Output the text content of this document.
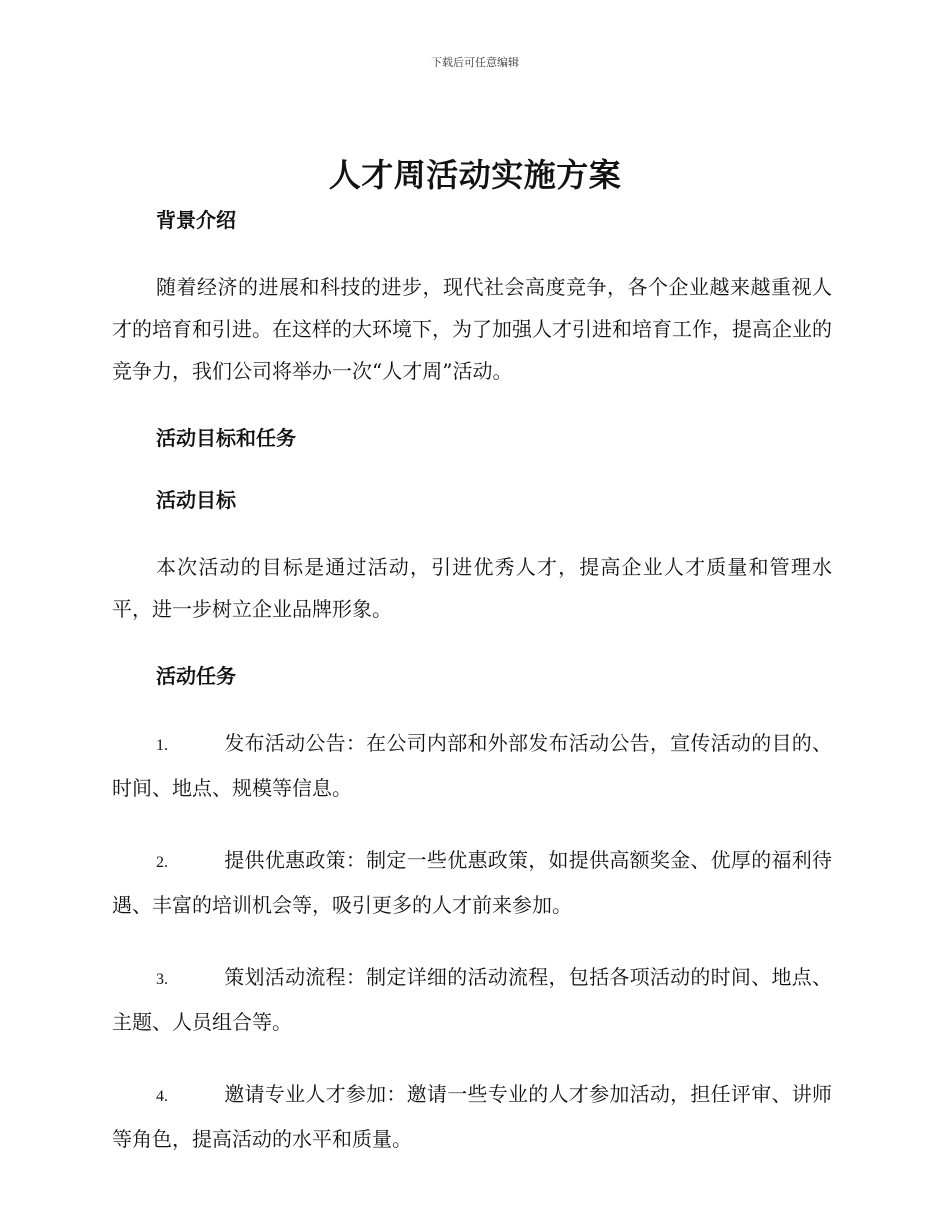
下载后可任意编辑
人才周活动实施方案
背景介绍

随着经济的进展和科技的进步，现代社会高度竞争，各个企业越来越重视人才的培育和引进。在这样的大环境下，为了加强人才引进和培育工作，提高企业的竞争力，我们公司将举办一次“人才周”活动。

活动目标和任务
活动目标

本次活动的目标是通过活动，引进优秀人才，提高企业人才质量和管理水平，进一步树立企业品牌形象。

活动任务

1.	发布活动公告：在公司内部和外部发布活动公告，宣传活动的目的、时间、地点、规模等信息。

2.	提供优惠政策：制定一些优惠政策，如提供高额奖金、优厚的福利待遇、丰富的培训机会等，吸引更多的人才前来参加。

3.	策划活动流程：制定详细的活动流程，包括各项活动的时间、地点、主题、人员组合等。

4.	邀请专业人才参加：邀请一些专业的人才参加活动，担任评审、讲师等角色，提高活动的水平和质量。
